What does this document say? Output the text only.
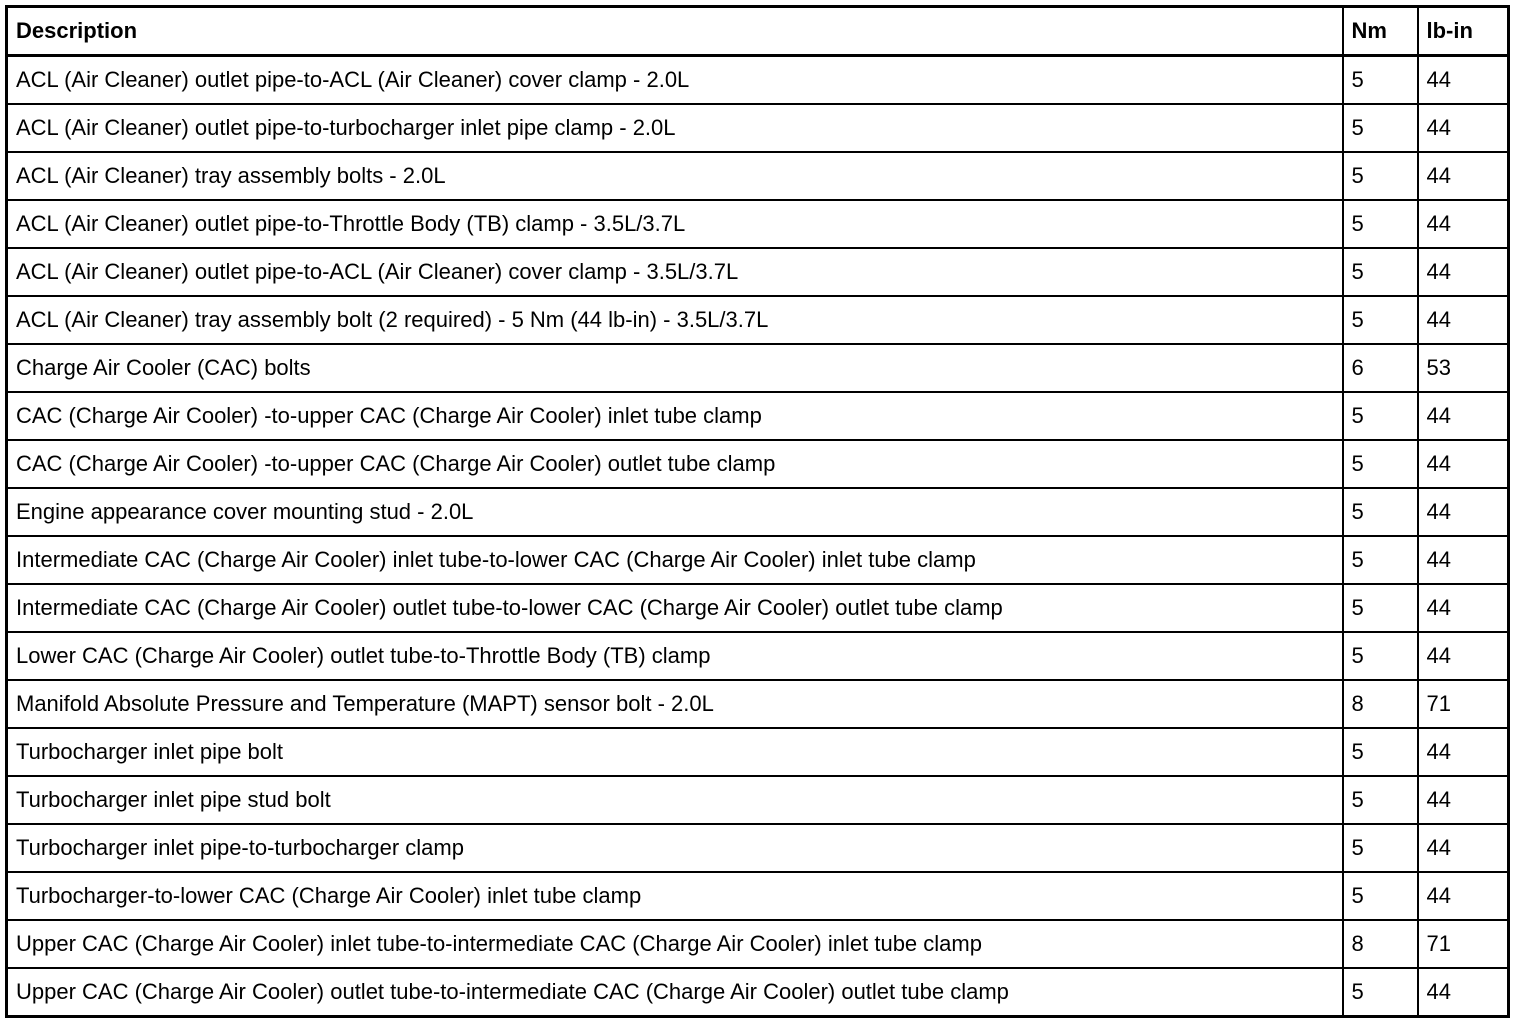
Description	Nm	lb-in
ACL (Air Cleaner) outlet pipe-to-ACL (Air Cleaner) cover clamp - 2.0L	5	44
ACL (Air Cleaner) outlet pipe-to-turbocharger inlet pipe clamp - 2.0L	5	44
ACL (Air Cleaner) tray assembly bolts - 2.0L	5	44
ACL (Air Cleaner) outlet pipe-to-Throttle Body (TB) clamp - 3.5L/3.7L	5	44
ACL (Air Cleaner) outlet pipe-to-ACL (Air Cleaner) cover clamp - 3.5L/3.7L	5	44
ACL (Air Cleaner) tray assembly bolt (2 required) - 5 Nm (44 lb-in) - 3.5L/3.7L	5	44
Charge Air Cooler (CAC) bolts	6	53
CAC (Charge Air Cooler) -to-upper CAC (Charge Air Cooler) inlet tube clamp	5	44
CAC (Charge Air Cooler) -to-upper CAC (Charge Air Cooler) outlet tube clamp	5	44
Engine appearance cover mounting stud - 2.0L	5	44
Intermediate CAC (Charge Air Cooler) inlet tube-to-lower CAC (Charge Air Cooler) inlet tube clamp	5	44
Intermediate CAC (Charge Air Cooler) outlet tube-to-lower CAC (Charge Air Cooler) outlet tube clamp	5	44
Lower CAC (Charge Air Cooler) outlet tube-to-Throttle Body (TB) clamp	5	44
Manifold Absolute Pressure and Temperature (MAPT) sensor bolt - 2.0L	8	71
Turbocharger inlet pipe bolt	5	44
Turbocharger inlet pipe stud bolt	5	44
Turbocharger inlet pipe-to-turbocharger clamp	5	44
Turbocharger-to-lower CAC (Charge Air Cooler) inlet tube clamp	5	44
Upper CAC (Charge Air Cooler) inlet tube-to-intermediate CAC (Charge Air Cooler) inlet tube clamp	8	71
Upper CAC (Charge Air Cooler) outlet tube-to-intermediate CAC (Charge Air Cooler) outlet tube clamp	5	44
